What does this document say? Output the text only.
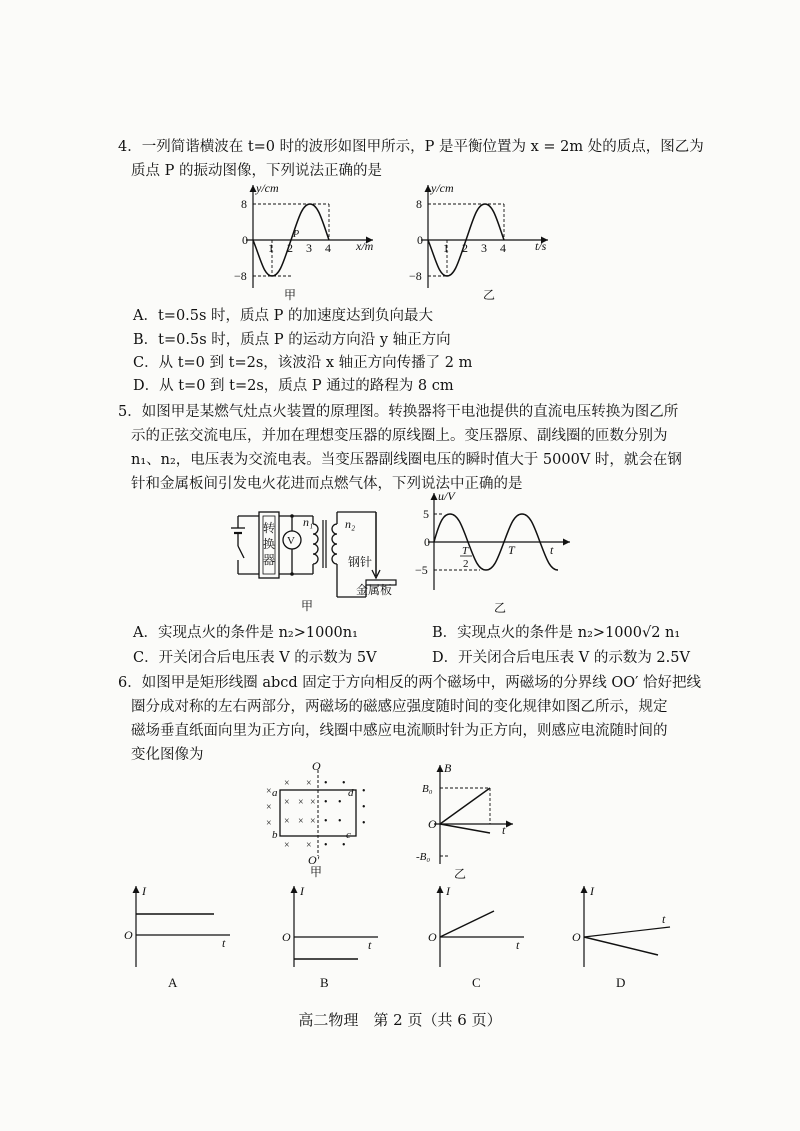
4．一列简谐横波在 t=0 时的波形如图甲所示，P 是平衡位置为 x = 2m 处的质点，图乙为
质点 P 的振动图像，下列说法正确的是
y/cm
x/m
8
−8
0
1 2 3 4
P
甲
y/cm
t/s
8
−8
0
1 2 3 4
乙
A．t=0.5s 时，质点 P 的加速度达到负向最大
B．t=0.5s 时，质点 P 的运动方向沿 y 轴正方向
C．从 t=0 到 t=2s，该波沿 x 轴正方向传播了 2 m
D．从 t=0 到 t=2s，质点 P 通过的路程为 8 cm
5．如图甲是某燃气灶点火装置的原理图。转换器将干电池提供的直流电压转换为图乙所
示的正弦交流电压，并加在理想变压器的原线圈上。变压器原、副线圈的匝数分别为
n₁、n₂，电压表为交流电表。当变压器副线圈电压的瞬时值大于 5000V 时，就会在钢
针和金属板间引发电火花进而点燃气体，下列说法中正确的是
转
换
器
V
n₁	n₂
钢针
金属板
甲
u/V
5
−5
0
T
2
T	t
乙
A．实现点火的条件是 n₂>1000n₁	B．实现点火的条件是 n₂>1000√2 n₁
C．开关闭合后电压表 V 的示数为 5V	D．开关闭合后电压表 V 的示数为 2.5V
6．如图甲是矩形线圈 abcd 固定于方向相反的两个磁场中，两磁场的分界线 OO′ 恰好把线
圈分成对称的左右两部分，两磁场的磁感应强度随时间的变化规律如图乙所示，规定
磁场垂直纸面向里为正方向，线圈中感应电流顺时针为正方向，则感应电流随时间的
变化图像为
O
O′
a
b	c
d
×
× ×
× × × ×
× × × ×
× ×
• •
•
• • •
• • •
• •
甲
B
B₀
-B₀
O	t
乙
I
O
t
A
I
O
t
B
I
O
t
C
I
O
t
D
高二物理　第 2 页（共 6 页）
